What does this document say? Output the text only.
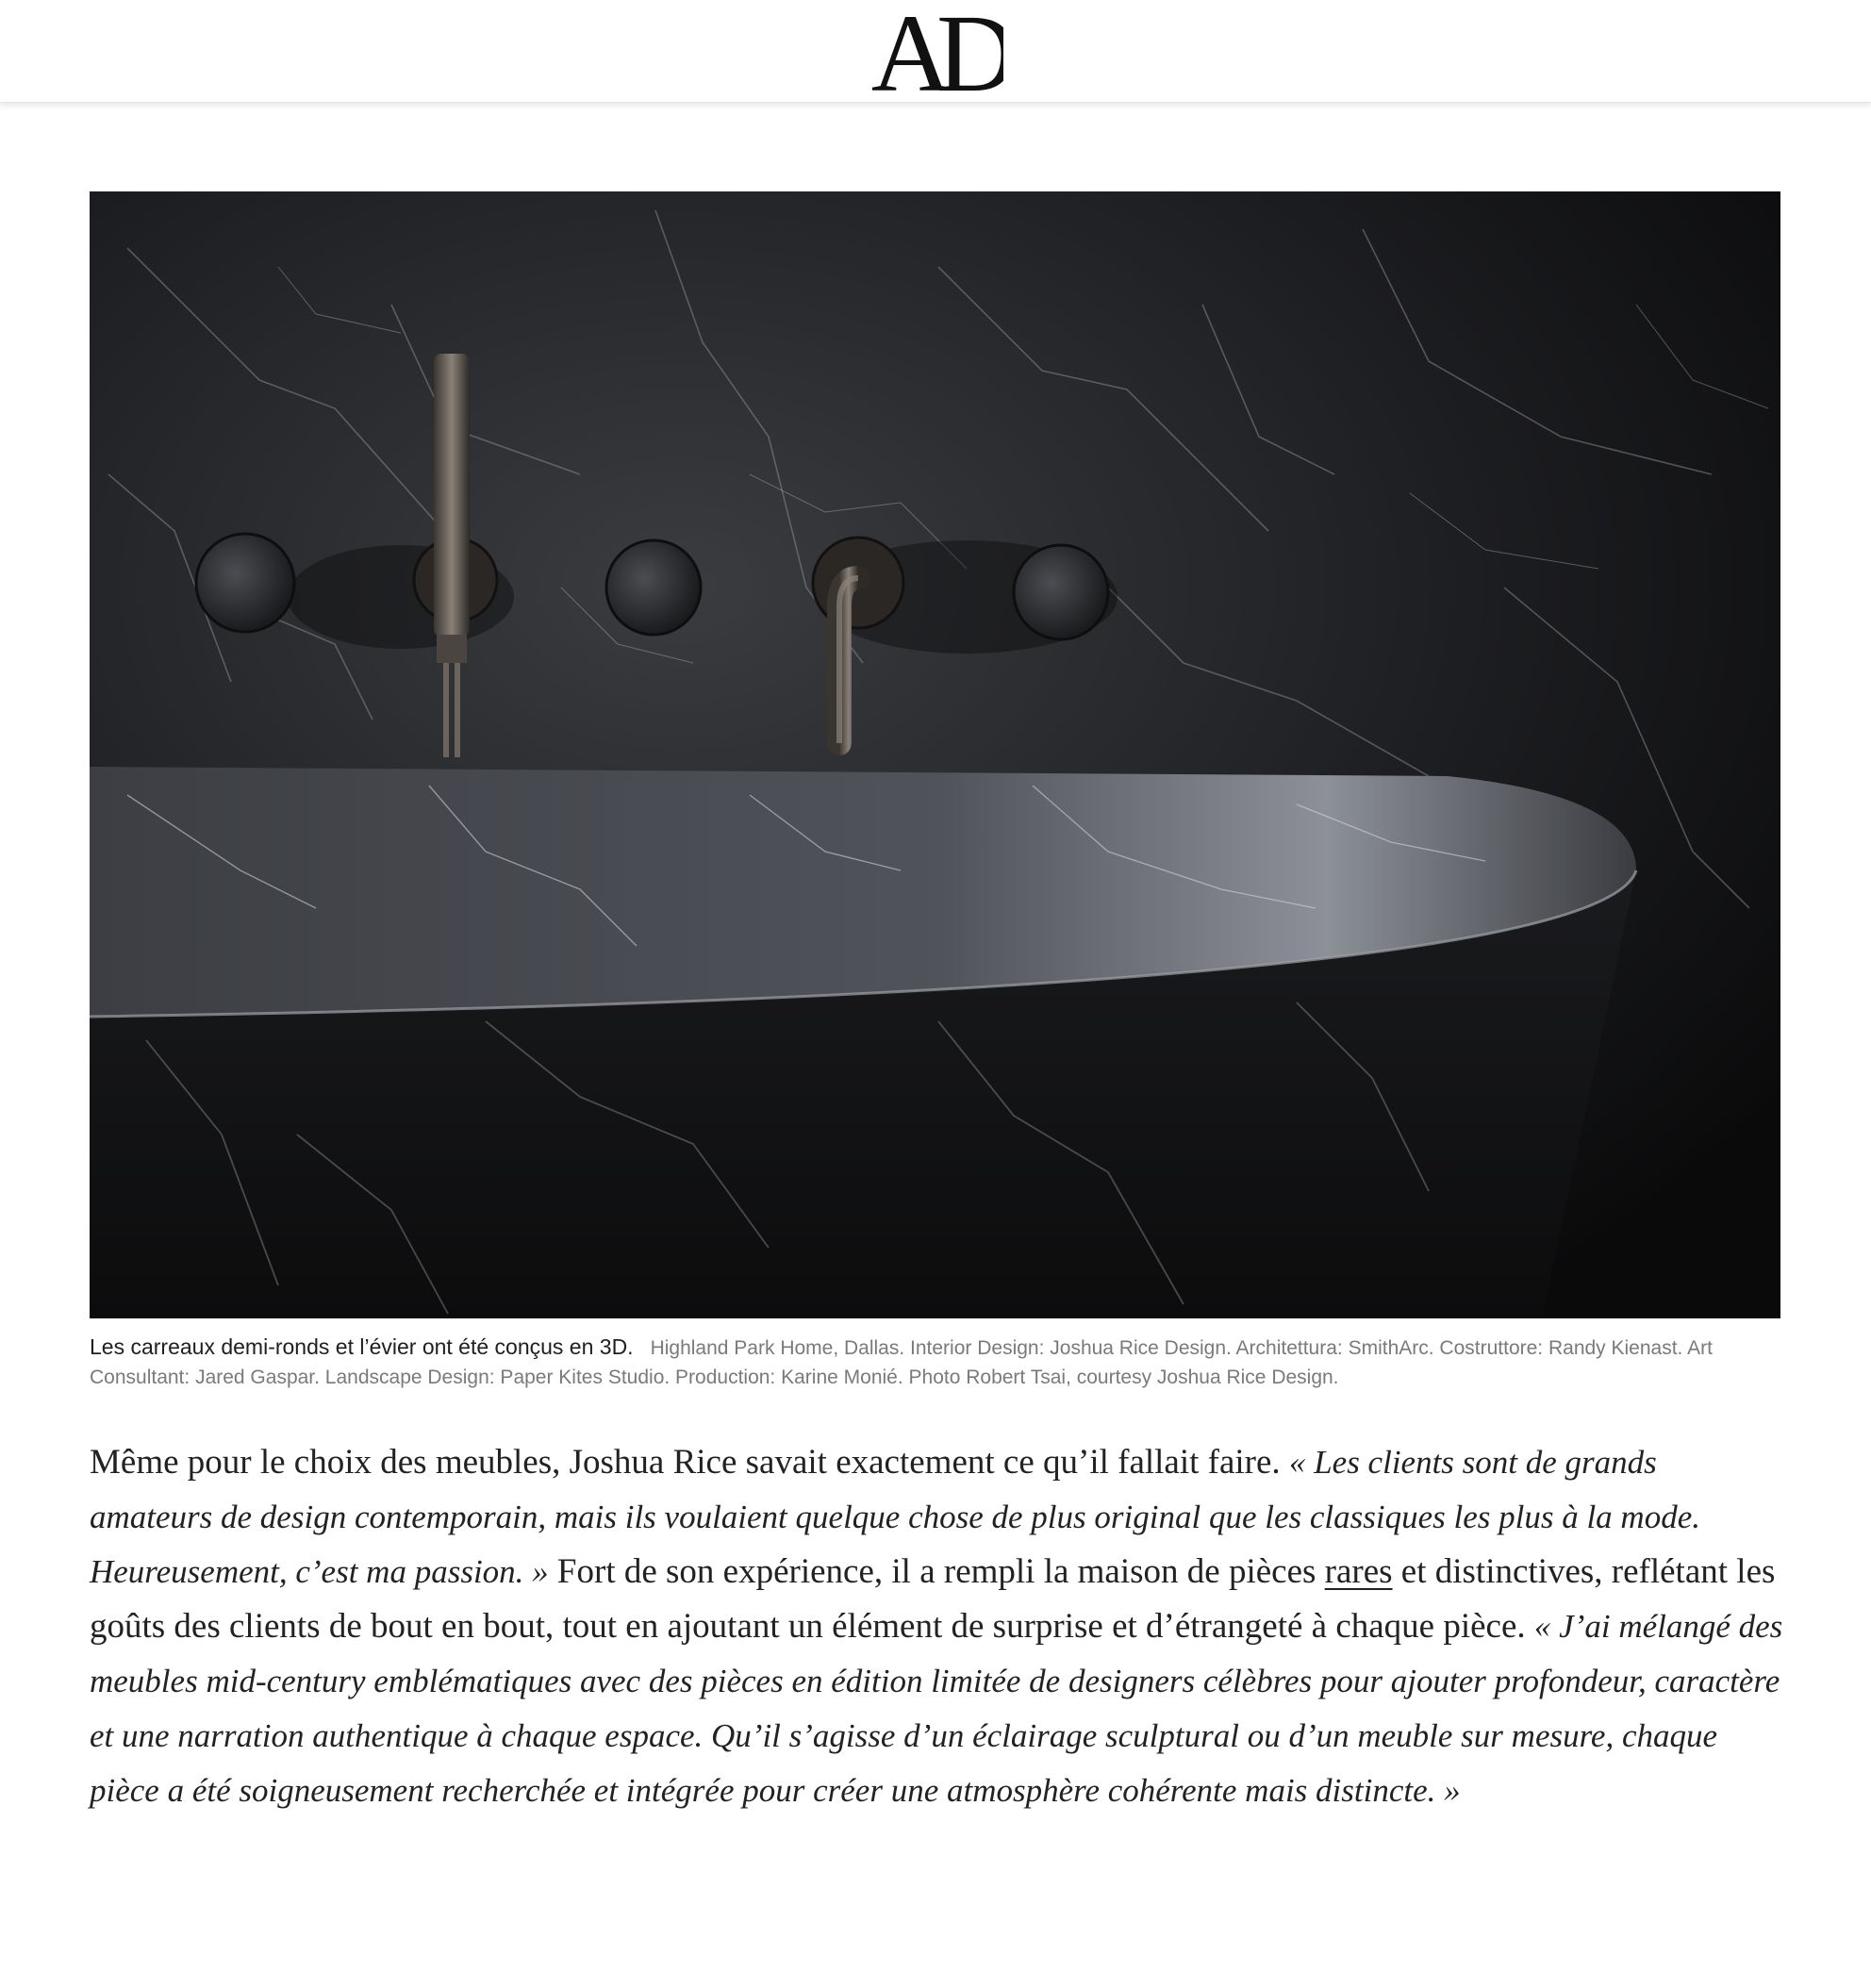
AD
Les carreaux demi-ronds et l’évier ont été conçus en 3D. Highland Park Home, Dallas. Interior Design: Joshua Rice Design. Architettura: SmithArc. Costruttore: Randy Kienast. Art Consultant: Jared Gaspar. Landscape Design: Paper Kites Studio. Production: Karine Monié. Photo Robert Tsai, courtesy Joshua Rice Design.

Même pour le choix des meubles, Joshua Rice savait exactement ce qu’il fallait faire. « Les clients sont de grands amateurs de design contemporain, mais ils voulaient quelque chose de plus original que les classiques les plus à la mode. Heureusement, c’est ma passion. » Fort de son expérience, il a rempli la maison de pièces rares et distinctives, reflétant les goûts des clients de bout en bout, tout en ajoutant un élément de surprise et d’étrangeté à chaque pièce. « J’ai mélangé des meubles mid-century emblématiques avec des pièces en édition limitée de designers célèbres pour ajouter profondeur, caractère et une narration authentique à chaque espace. Qu’il s’agisse d’un éclairage sculptural ou d’un meuble sur mesure, chaque pièce a été soigneusement recherchée et intégrée pour créer une atmosphère cohérente mais distincte. »
